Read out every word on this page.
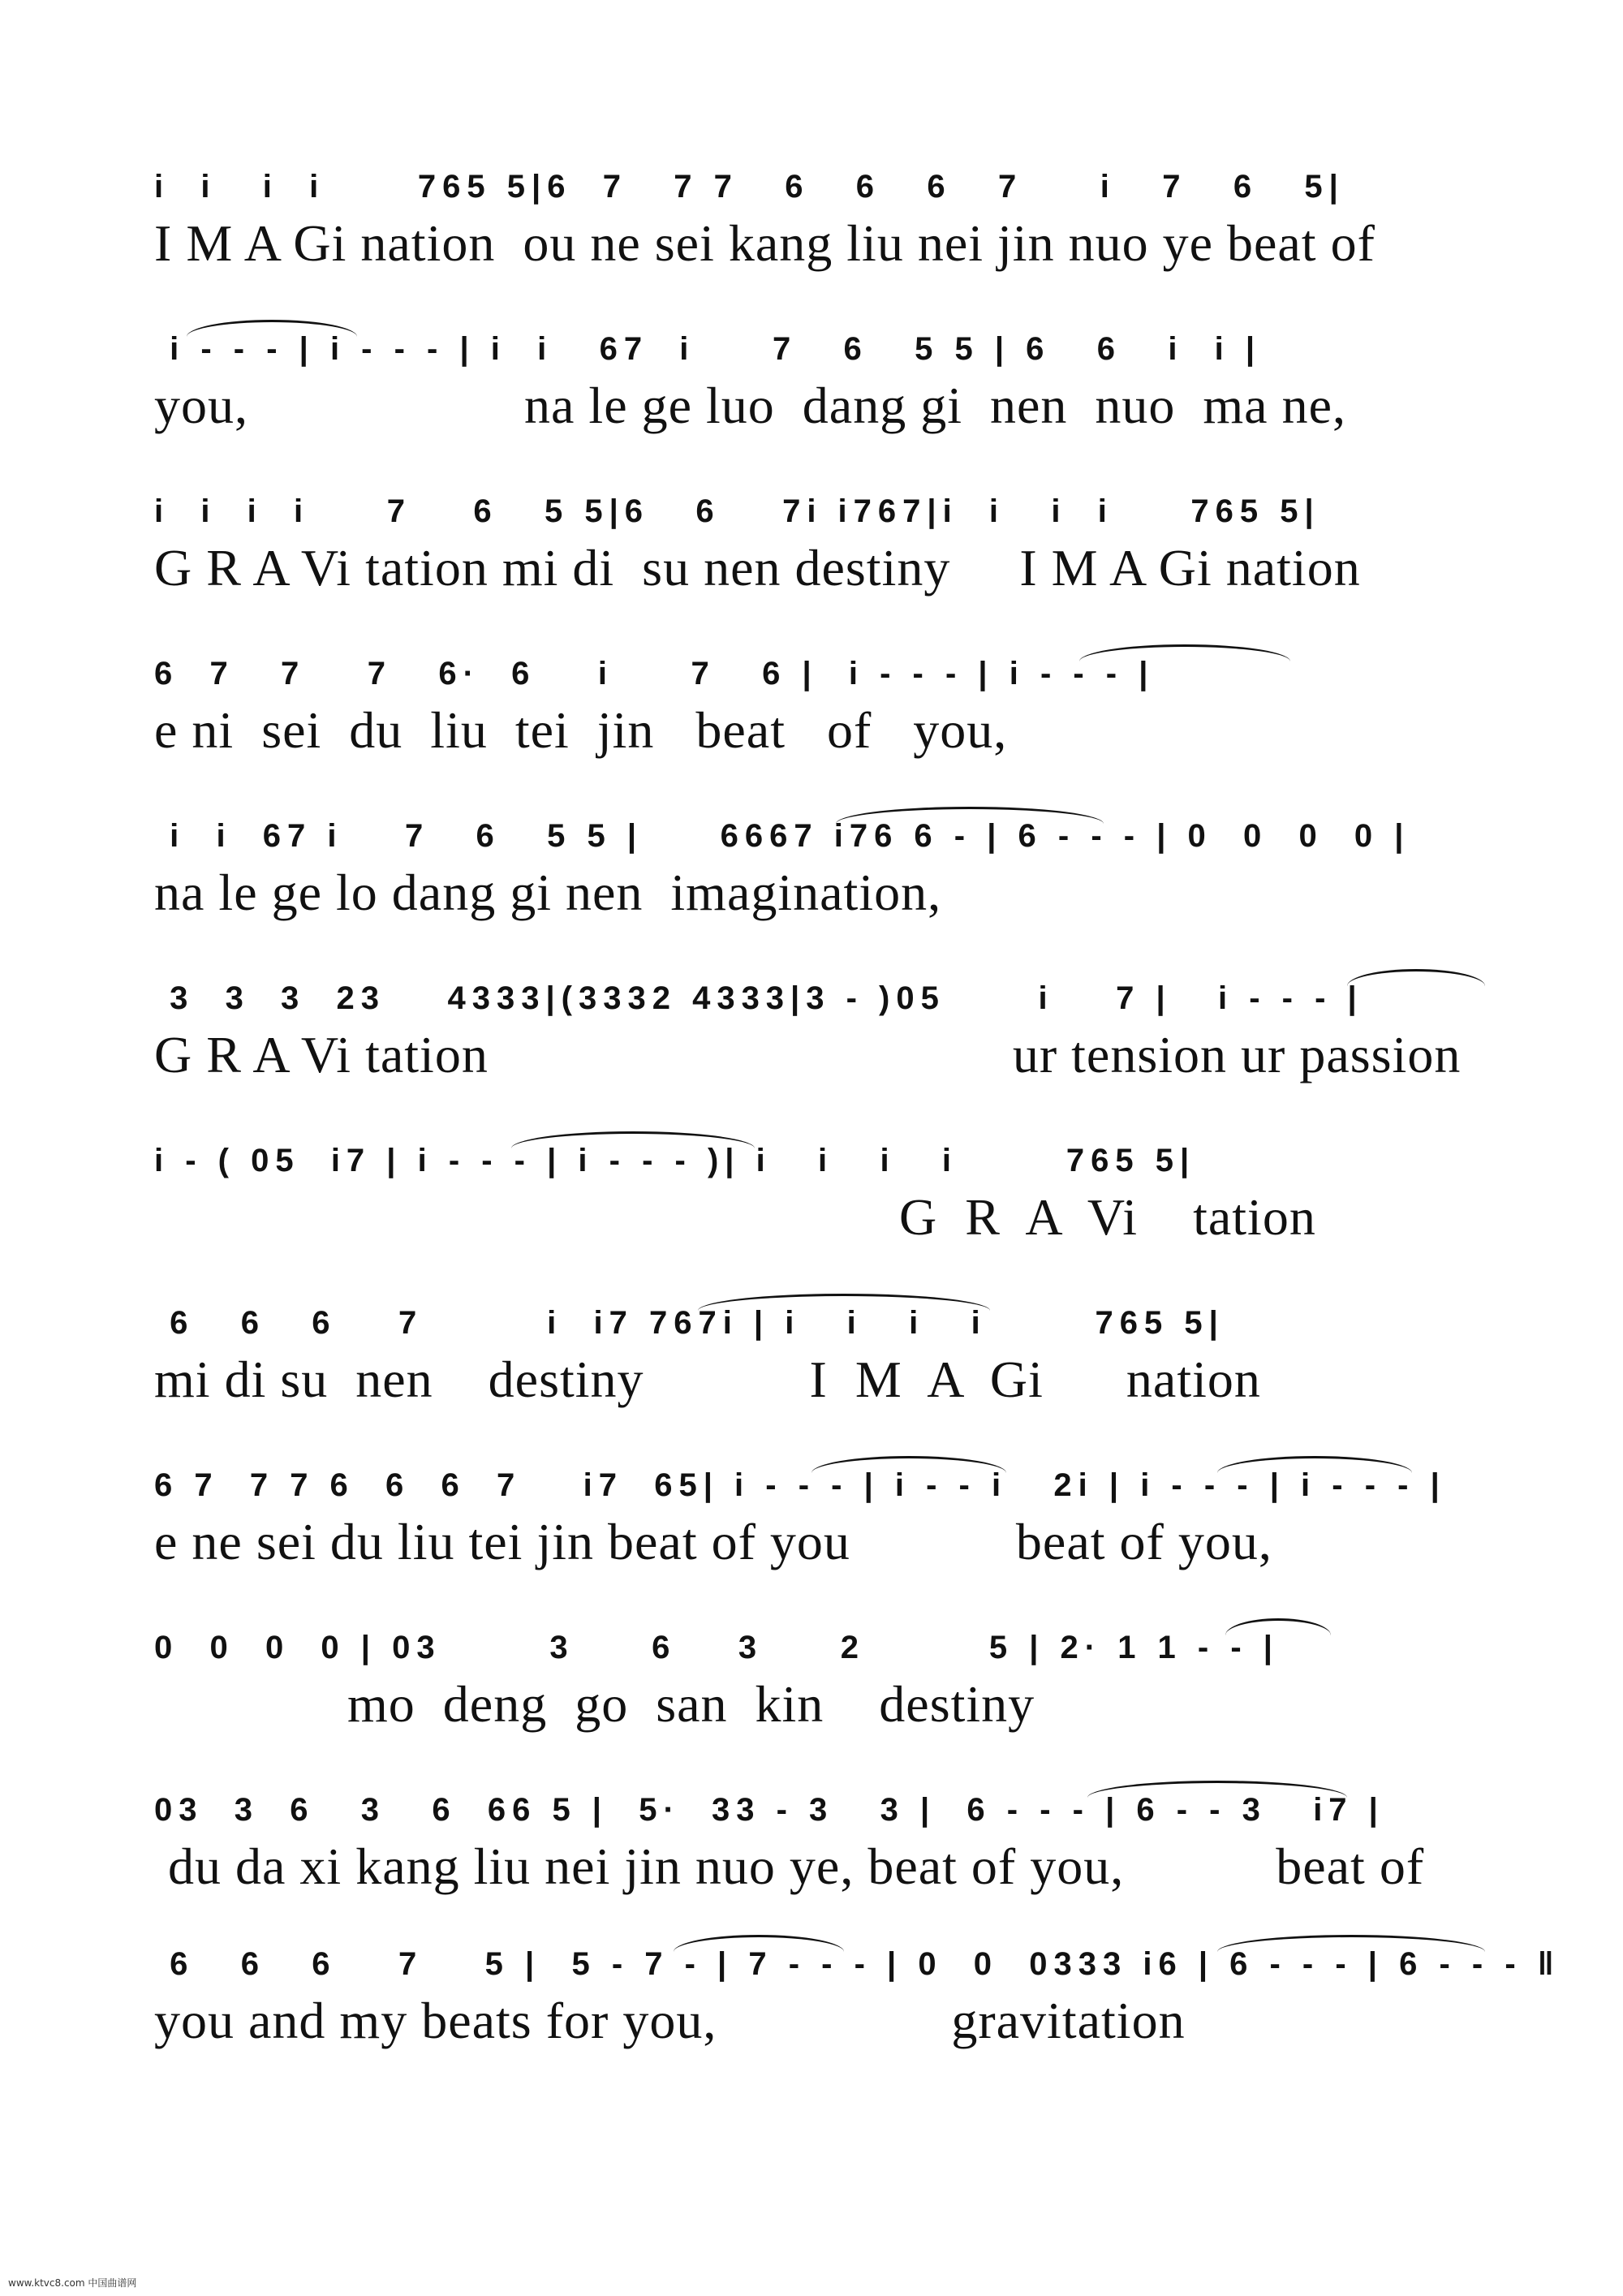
i  i   i  i      765 5|6  7   7 7   6   6   6   7     i   7   6   5|
I M A Gi nation  ou ne sei kang liu nei jin nuo ye beat of
i - - - | i - - - | i  i   67  i     7   6   5 5 | 6   6   i  i |
you,                    na le ge luo  dang gi  nen  nuo  ma ne,
i  i  i  i     7    6   5 5|6   6    7i i767|i  i   i  i     765 5|
G R A Vi tation mi di  su nen destiny     I M A Gi nation
6  7   7    7   6·  6    i     7   6 |  i - - - | i - - - |
e ni  sei  du  liu  tei  jin   beat   of   you,
i  i  67 i    7   6   5 5 |     6667 i76 6 - | 6 - - - | 0  0  0  0 |
na le ge lo dang gi nen  imagination,
3  3  3  23    4333|(3332 4333|3 - )05      i    7 |   i - - - |
G R A Vi tation                                      ur tension ur passion
i - ( 05  i7 | i - - - | i - - - )| i   i   i   i       765 5|
G  R  A  Vi    tation
6   6   6    7        i  i7 767i | i   i   i   i       765 5|
mi di su  nen    destiny            I  M  A  Gi      nation
6 7  7 7 6  6  6  7    i7  65| i - - - | i - - i   2i | i - - - | i - - - |
e ne sei du liu tei jin beat of you            beat of you,
0  0  0  0 | 03       3     6    3     2        5 | 2· 1 1 - - |
mo  deng  go  san  kin    destiny
03  3  6   3   6  66 5 |  5·  33 - 3   3 |  6 - - - | 6 - - 3   i7 |
du da xi kang liu nei jin nuo ye, beat of you,           beat of
6   6   6    7    5 |  5 - 7 - | 7 - - - | 0  0  0333 i6 | 6 - - - | 6 - - - ‖
you and my beats for you,                 gravitation
www.ktvc8.com 中国曲谱网
